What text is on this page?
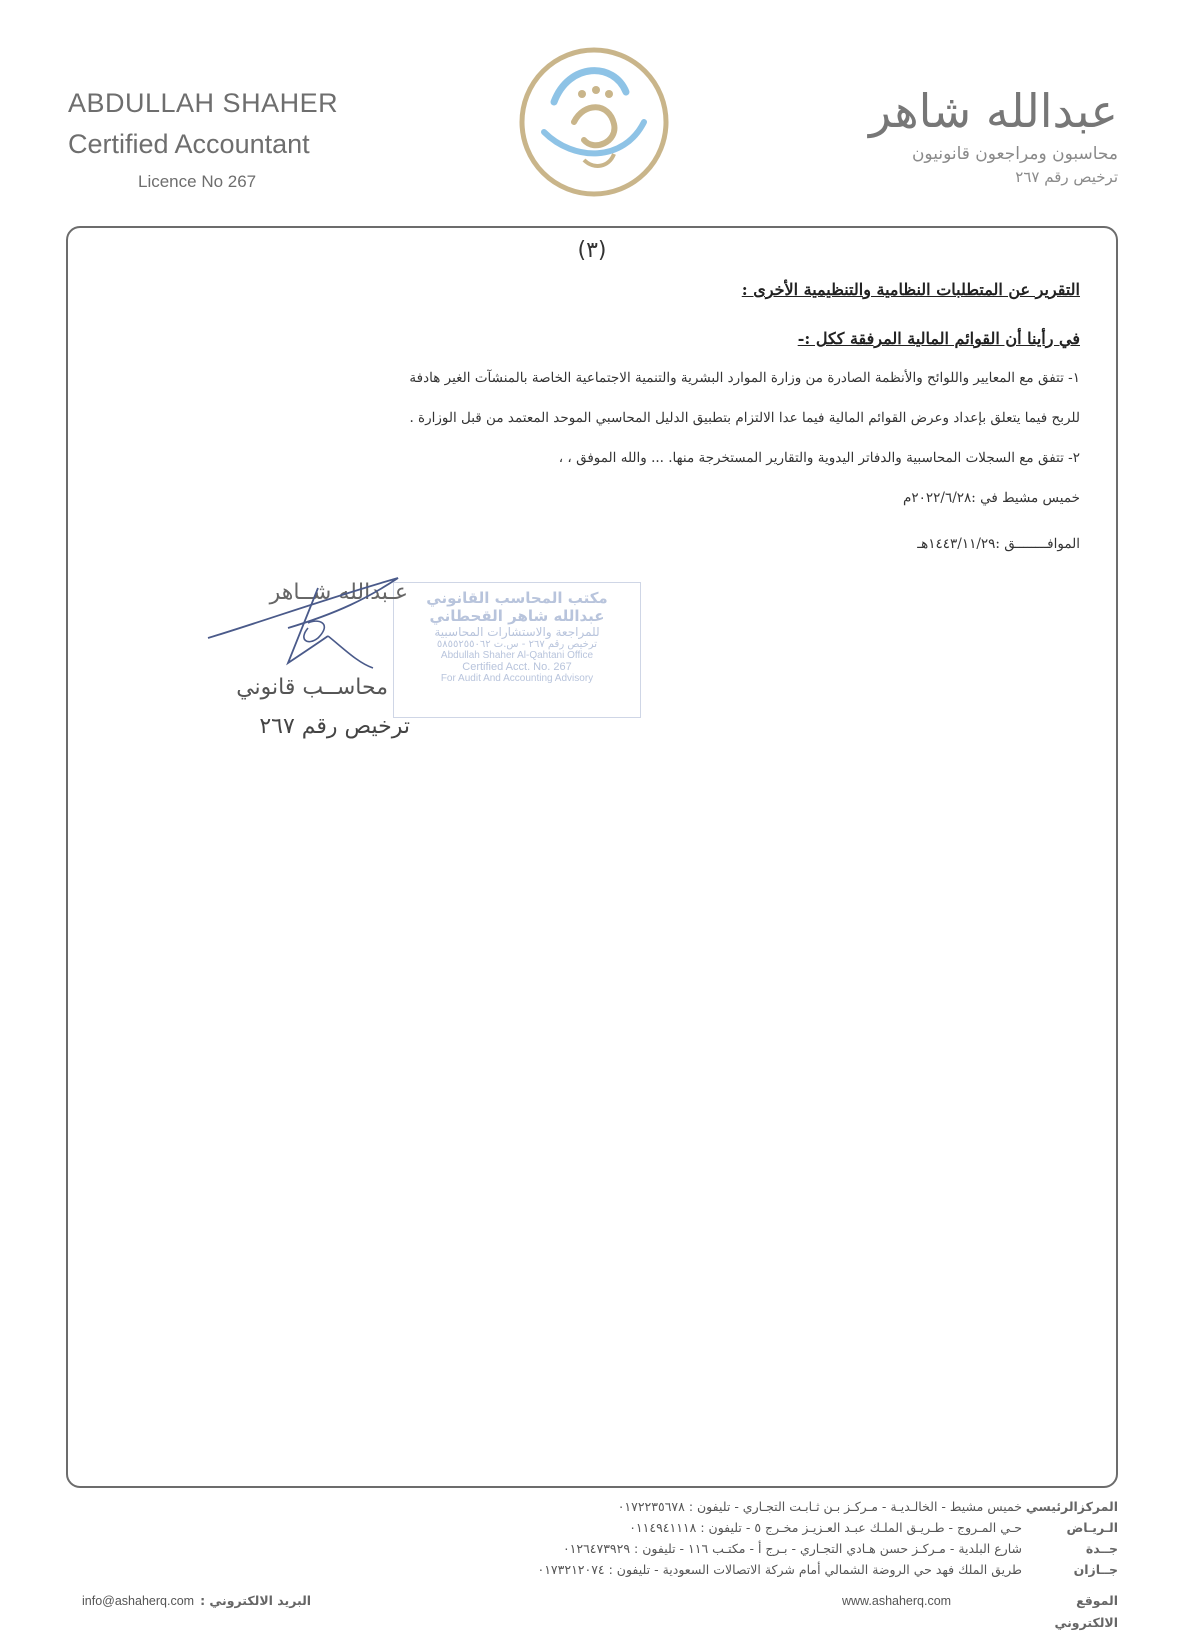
ABDULLAH SHAHER
Certified Accountant
Licence No 267
عبدالله شاهر
محاسبون ومراجعون قانونيون
ترخيص رقم ٢٦٧
(٣)

التقرير عن المتطلبات النظامية والتنظيمية الأخرى :

في رأينا أن القوائم المالية المرفقة ككل :-

١- تتفق مع المعايير واللوائح والأنظمة الصادرة من وزارة الموارد البشرية والتنمية الاجتماعية الخاصة بالمنشآت الغير هادفة

للربح فيما يتعلق بإعداد وعرض القوائم المالية فيما عدا الالتزام بتطبيق الدليل المحاسبي الموحد المعتمد من قبل الوزارة .

٢- تتفق مع السجلات المحاسبية والدفاتر اليدوية والتقارير المستخرجة منها. ... والله الموفق ، ،

خميس مشيط في :٢٠٢٢/٦/٢٨م

الموافــــــــق :١٤٤٣/١١/٢٩هـ

مكتب المحاسب القانوني
عبدالله شاهر القحطاني
للمراجعة والاستشارات المحاسبية
ترخيص رقم ٢٦٧ - س.ت ٥٨٥٥٢٥٥٠٦٢
Abdullah Shaher Al-Qahtani Office
Certified Acct. No. 267
For Audit And Accounting Advisory
عـبدالله شــاهر
محاســب قانوني
ترخيص رقم ٢٦٧
المركزالرئيسي
خميس مشيط - الخالـديـة - مـركـز بـن ثـابـت التجـاري - تليفون : ٠١٧٢٢٣٥٦٧٨
الـريـاض
حـي المـروج - طـريـق الملـك عبـد العـزيـز مخـرج ٥ - تليفون : ٠١١٤٩٤١١١٨
جــدة
شارع البلدية - مـركـز حسن هـادي التجـاري - بـرج أ - مكتـب ١١٦ - تليفون : ٠١٢٦٤٧٣٩٢٩
جــازان
طريق الملك فهد حي الروضة الشمالي أمام شركة الاتصالات السعودية - تليفون : ٠١٧٣٢١٢٠٧٤
الموقع الالكتروني
www.ashaherq.com
البريد الالكتروني :
info@ashaherq.com
